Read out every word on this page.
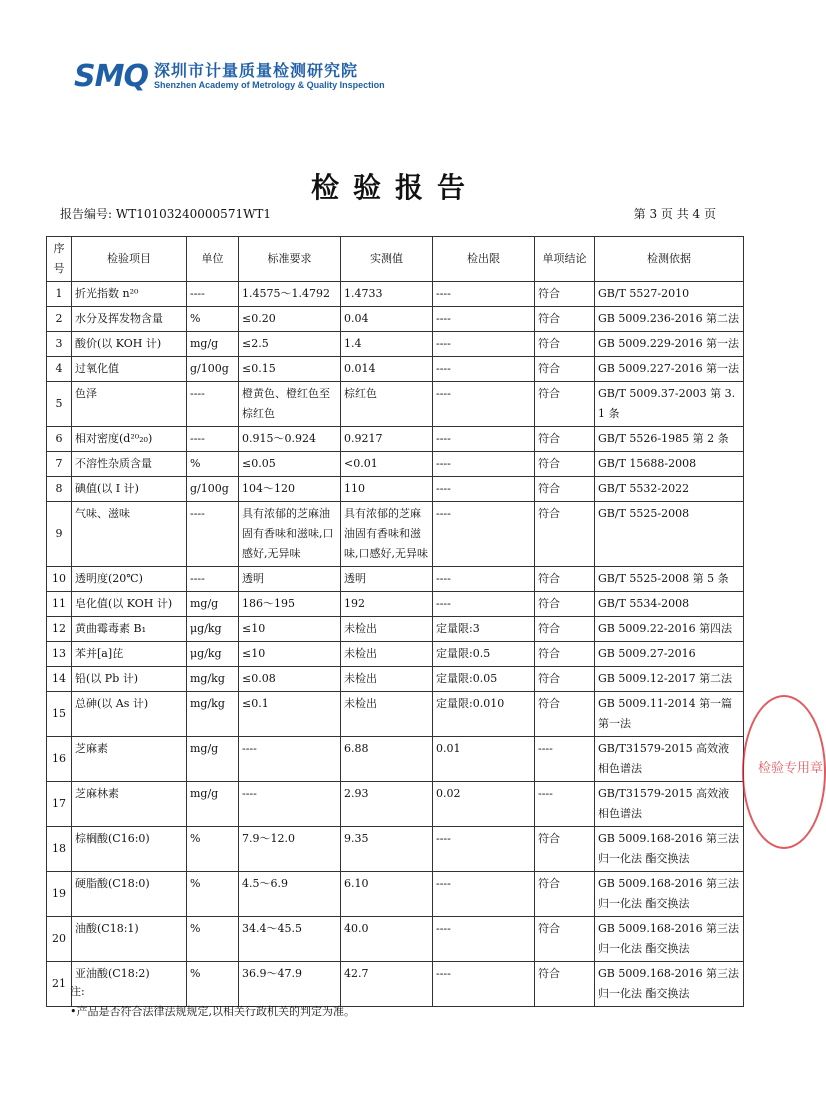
SMQ 深圳市计量质量检测研究院
Shenzhen Academy of Metrology & Quality Inspection
检验报告
报告编号: WT10103240000571WT1	第 3 页 共 4 页
序号	检验项目	单位	标准要求	实测值	检出限	单项结论	检测依据
1	折光指数 n²⁰	----	1.4575～1.4792	1.4733	----	符合	GB/T 5527-2010
2	水分及挥发物含量	%	≤0.20	0.04	----	符合	GB 5009.236-2016 第二法
3	酸价(以 KOH 计)	mg/g	≤2.5	1.4	----	符合	GB 5009.229-2016 第一法
4	过氧化值	g/100g	≤0.15	0.014	----	符合	GB 5009.227-2016 第一法
5	色泽	----	橙黄色、橙红色至棕红色	棕红色	----	符合	GB/T 5009.37-2003 第 3.1 条
6	相对密度(d²⁰₂₀)	----	0.915～0.924	0.9217	----	符合	GB/T 5526-1985 第 2 条
7	不溶性杂质含量	%	≤0.05	<0.01	----	符合	GB/T 15688-2008
8	碘值(以 I 计)	g/100g	104～120	110	----	符合	GB/T 5532-2022
9	气味、滋味	----	具有浓郁的芝麻油固有香味和滋味,口感好,无异味	具有浓郁的芝麻油固有香味和滋味,口感好,无异味	----	符合	GB/T 5525-2008
10	透明度(20℃)	----	透明	透明	----	符合	GB/T 5525-2008 第 5 条
11	皂化值(以 KOH 计)	mg/g	186～195	192	----	符合	GB/T 5534-2008
12	黄曲霉毒素 B₁	μg/kg	≤10	未检出	定量限:3	符合	GB 5009.22-2016 第四法
13	苯并[a]芘	μg/kg	≤10	未检出	定量限:0.5	符合	GB 5009.27-2016
14	铅(以 Pb 计)	mg/kg	≤0.08	未检出	定量限:0.05	符合	GB 5009.12-2017 第二法
15	总砷(以 As 计)	mg/kg	≤0.1	未检出	定量限:0.010	符合	GB 5009.11-2014 第一篇 第一法
16	芝麻素	mg/g	----	6.88	0.01	----	GB/T31579-2015 高效液相色谱法
17	芝麻林素	mg/g	----	2.93	0.02	----	GB/T31579-2015 高效液相色谱法
18	棕榈酸(C16:0)	%	7.9～12.0	9.35	----	符合	GB 5009.168-2016 第三法 归一化法 酯交换法
19	硬脂酸(C18:0)	%	4.5～6.9	6.10	----	符合	GB 5009.168-2016 第三法 归一化法 酯交换法
20	油酸(C18:1)	%	34.4～45.5	40.0	----	符合	GB 5009.168-2016 第三法 归一化法 酯交换法
21	亚油酸(C18:2)	%	36.9～47.9	42.7	----	符合	GB 5009.168-2016 第三法 归一化法 酯交换法
注:
•产品是否符合法律法规规定,以相关行政机关的判定为准。
检验专用章
